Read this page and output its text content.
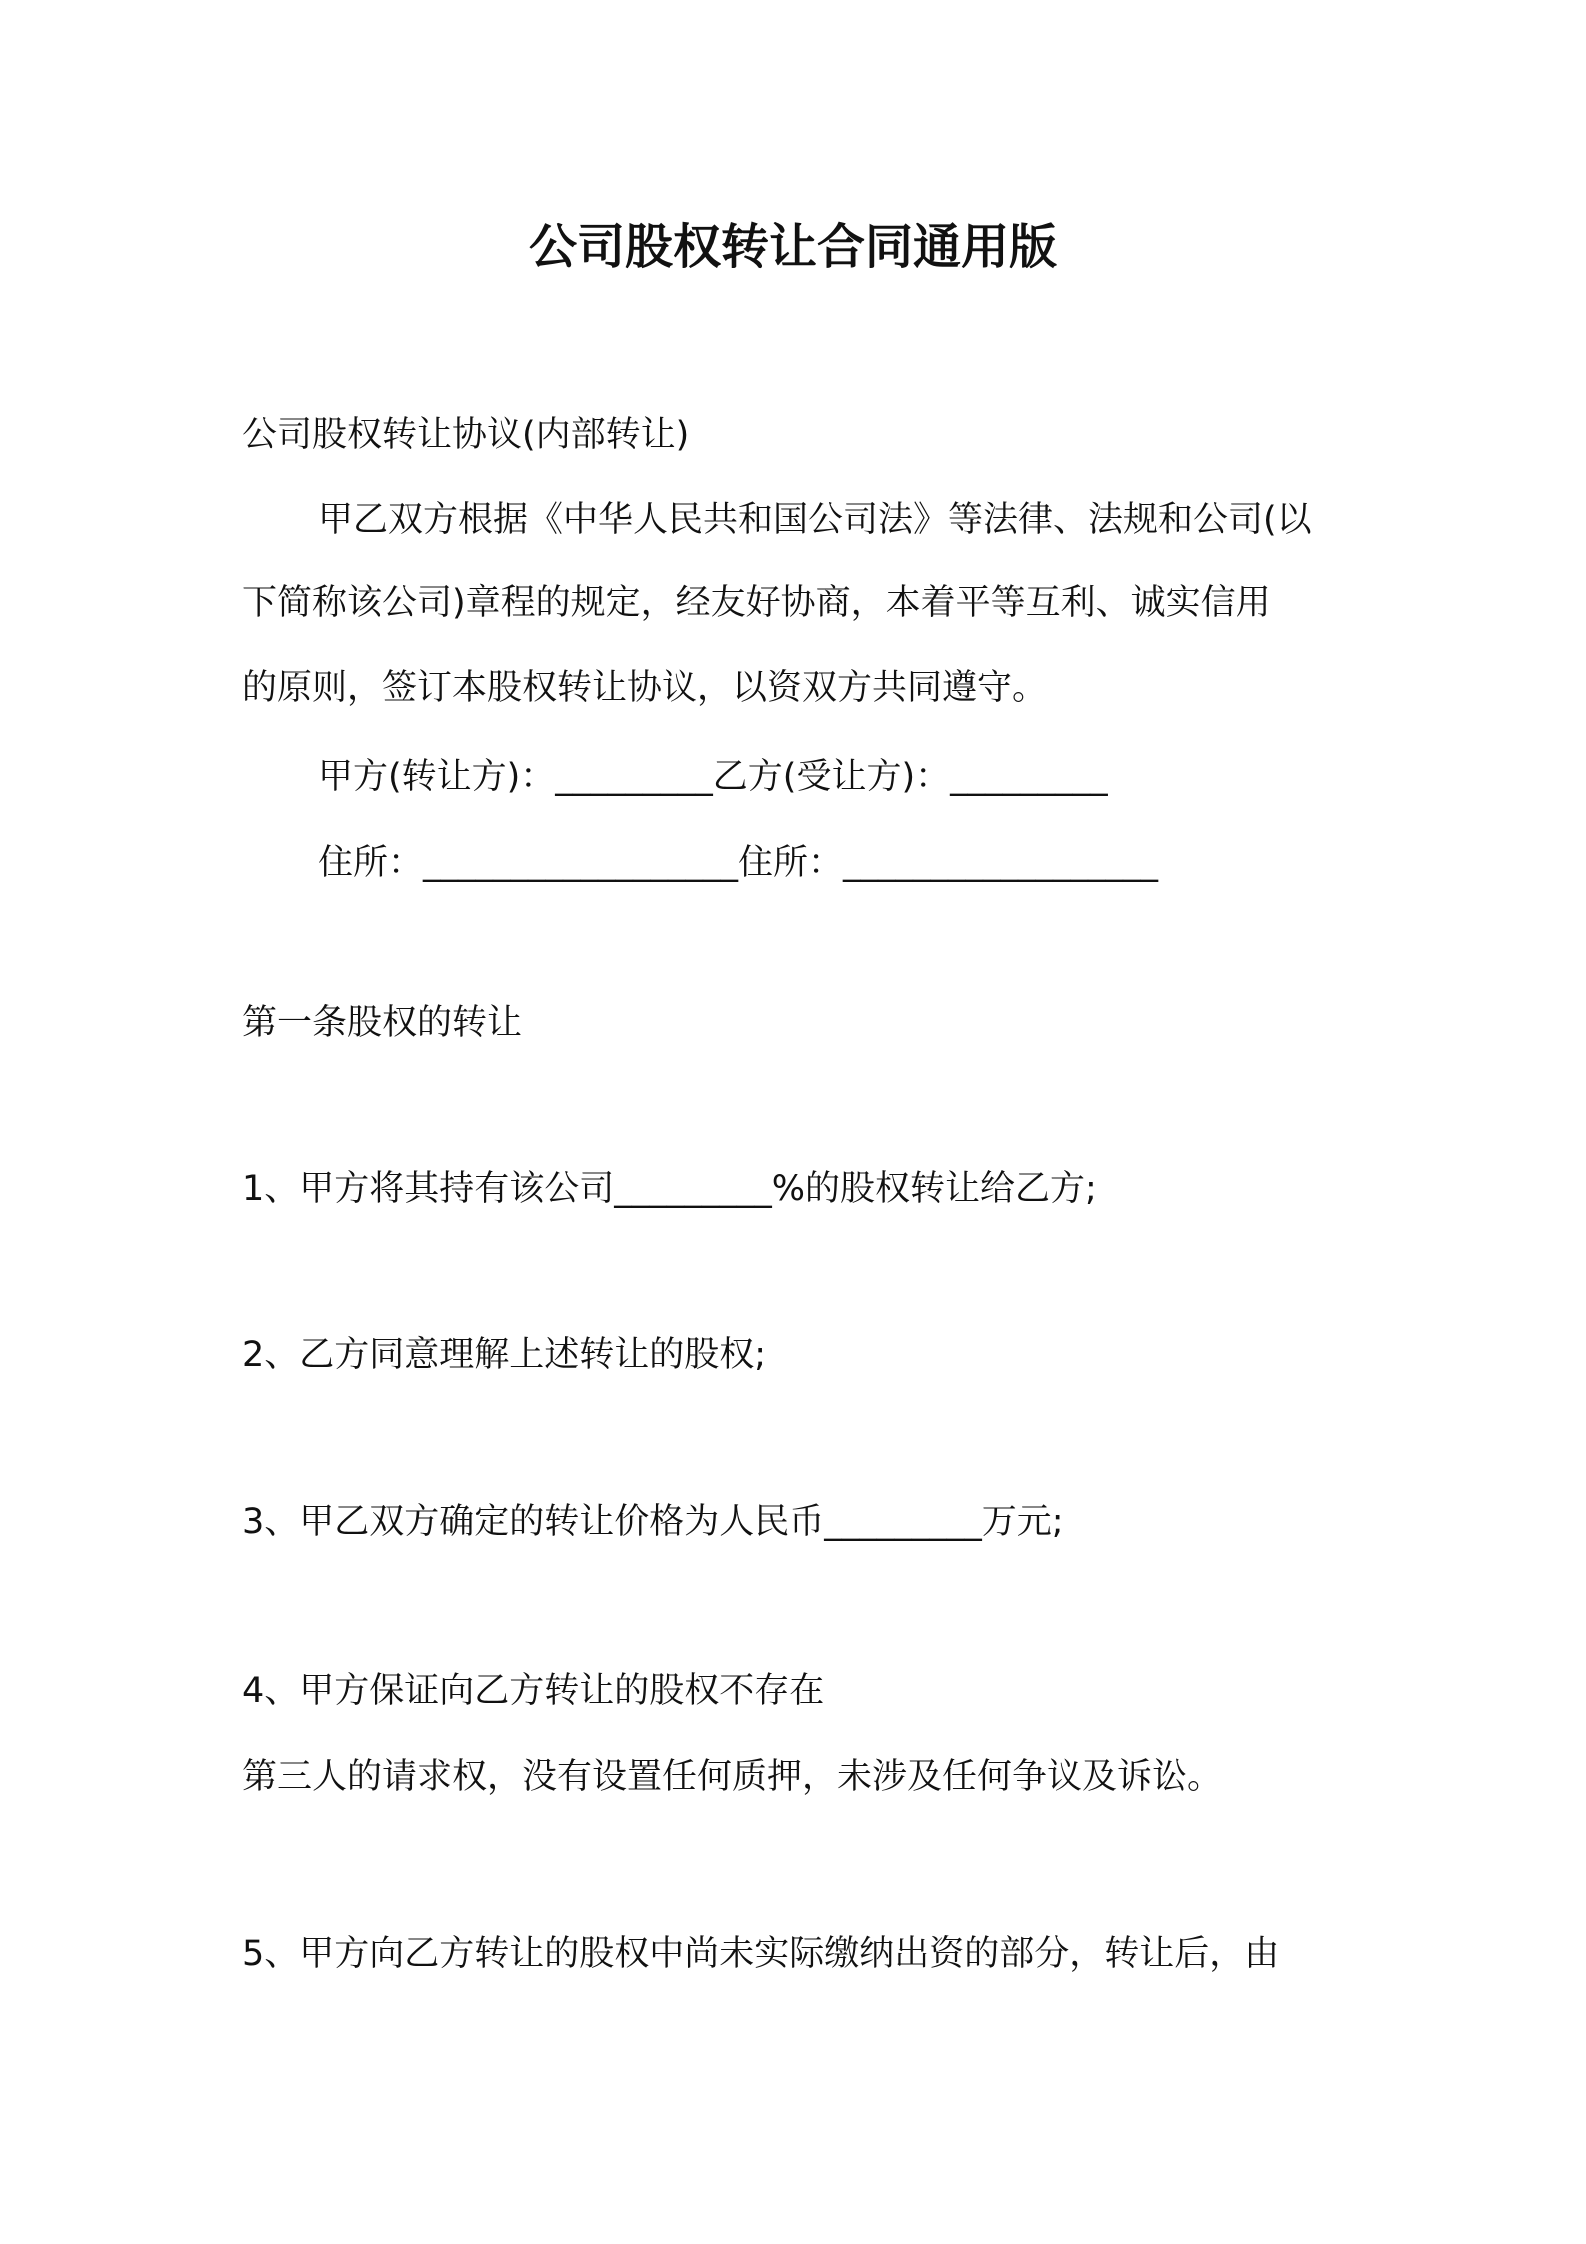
公司股权转让合同通用版
公司股权转让协议(内部转让)
甲乙双方根据《中华人民共和国公司法》等法律、法规和公司(以
下简称该公司)章程的规定，经友好协商，本着平等互利、诚实信用
的原则，签订本股权转让协议，以资双方共同遵守。
甲方(转让方)：_________乙方(受让方)：_________
住所：__________________住所：__________________
第一条股权的转让
1、甲方将其持有该公司_________%的股权转让给乙方;
2、乙方同意理解上述转让的股权;
3、甲乙双方确定的转让价格为人民币_________万元;
4、甲方保证向乙方转让的股权不存在
第三人的请求权，没有设置任何质押，未涉及任何争议及诉讼。
5、甲方向乙方转让的股权中尚未实际缴纳出资的部分，转让后，由
